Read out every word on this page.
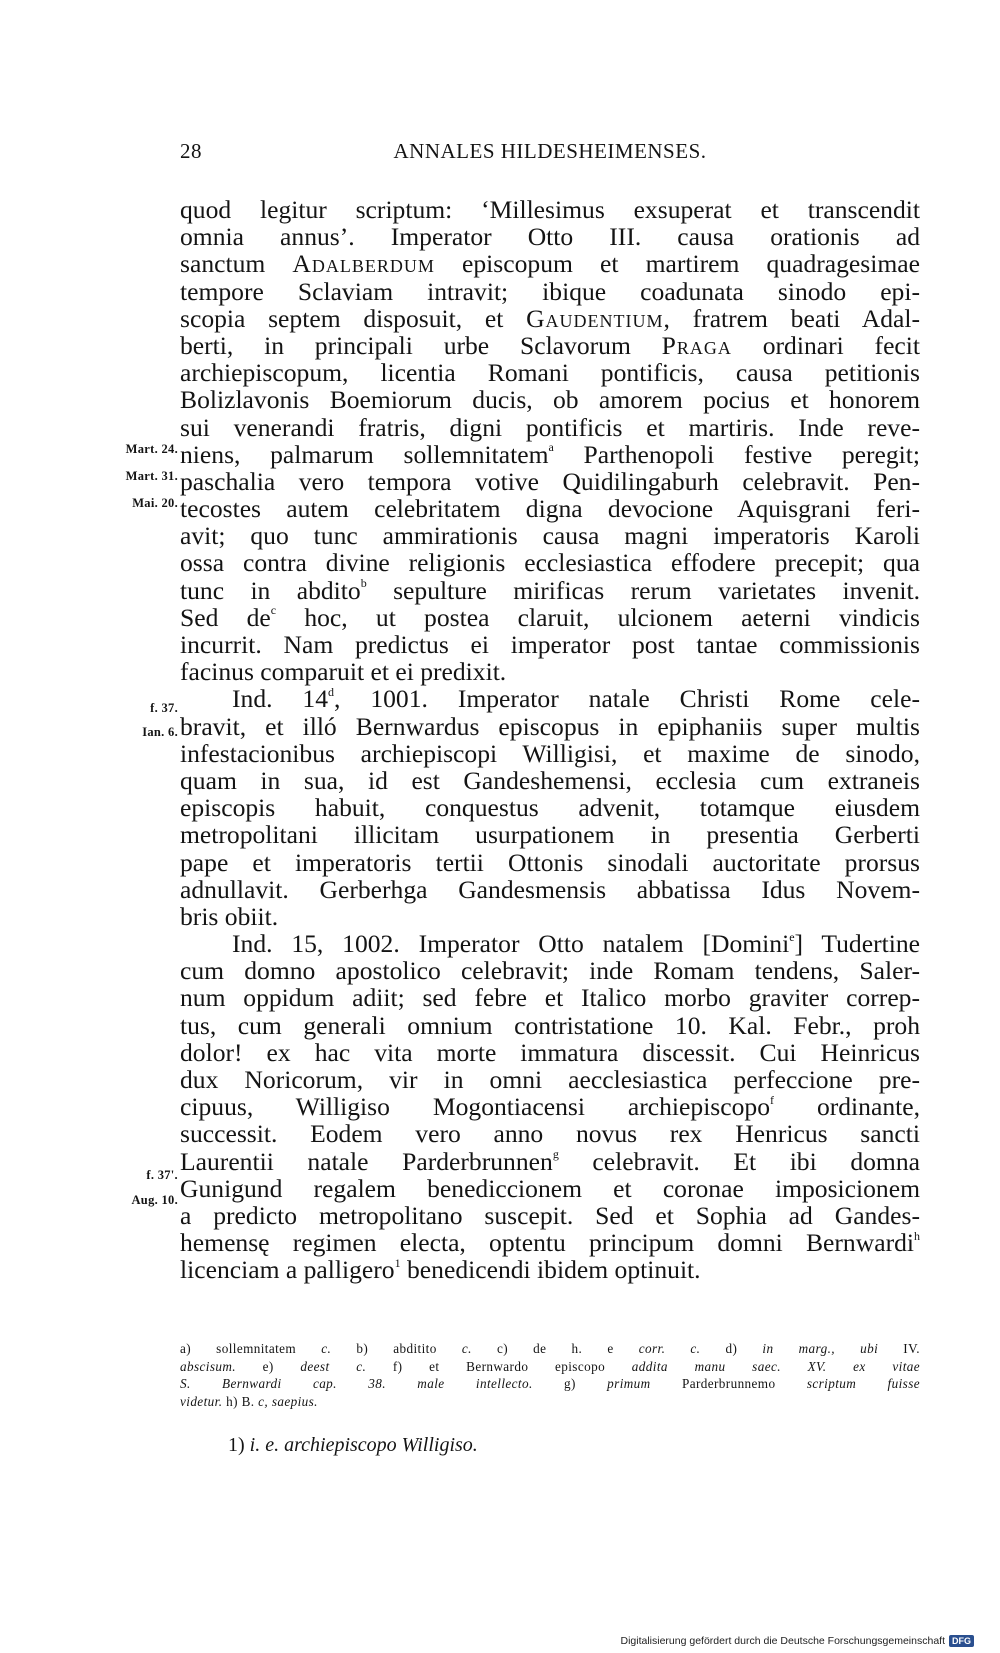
28	ANNALES HILDESHEIMENSES.
Mart. 24.
Mart. 31.
Mai. 20.
f. 37.
Ian. 6.
f. 37'.
Aug. 10.
quod legitur scriptum: ‘Millesimus exsuperat et transcendit
omnia annus’. Imperator Otto III. causa orationis ad
sanctum Adalberdum episcopum et martirem quadragesimae
tempore Sclaviam intravit; ibique coadunata sinodo epi-
scopia septem disposuit, et Gaudentium, fratrem beati Adal-
berti, in principali urbe Sclavorum Praga ordinari fecit
archiepiscopum, licentia Romani pontificis, causa petitionis
Bolizlavonis Boemiorum ducis, ob amorem pocius et honorem
sui venerandi fratris, digni pontificis et martiris. Inde reve-
niens, palmarum sollemnitatem$^a$ Parthenopoli festive peregit;
paschalia vero tempora votive Quidilingaburh celebravit. Pen-
tecostes autem celebritatem digna devocione Aquisgrani feri-
avit; quo tunc ammirationis causa magni imperatoris Karoli
ossa contra divine religionis ecclesiastica effodere precepit; qua
tunc in abdito$^b$ sepulture mirificas rerum varietates invenit.
Sed $de^c$ hoc, ut postea claruit, ulcionem aeterni vindicis
incurrit. Nam predictus ei imperator post tantae commissionis
facinus comparuit et ei predixit.
Ind. 14$^d$, 1001. Imperator natale Christi Rome cele-
bravit, et illó Bernwardus episcopus in epiphaniis super multis
infestacionibus archiepiscopi Willigisi, et maxime de sinodo,
quam in sua, id est Gandeshemensi, ecclesia cum extraneis
episcopis habuit, conquestus advenit, totamque eiusdem
metropolitani illicitam usurpationem in presentia Gerberti
pape et imperatoris tertii Ottonis sinodali auctoritate prorsus
adnullavit. Gerberhga Gandesmensis abbatissa Idus Novem-
bris obiit.
Ind. 15, 1002. Imperator Otto natalem [Domini$^e$] Tudertine
cum domno apostolico celebravit; inde Romam tendens, Saler-
num oppidum adiit; sed febre et Italico morbo graviter correp-
tus, cum generali omnium contristatione 10. Kal. Febr., proh
dolor! ex hac vita morte immatura discessit. Cui Heinricus
dux Noricorum, vir in omni aecclesiastica perfeccione pre-
cipuus, Willigiso Mogontiacensi archiepiscopo$^f$ ordinante,
successit. Eodem vero anno novus rex Henricus sancti
Laurentii natale Parderbrunnen$^g$ celebravit. Et ibi domna
Gunigund regalem benediccionem et coronae imposicionem
a predicto metropolitano suscepit. Sed et Sophia ad Gandes-
hemensę regimen electa, optentu principum domni Bernwardi$^h$
licenciam a palligero$^1$ benedicendi ibidem optinuit.
a) sollemnitatem c. b) abditito c. c) de h. e corr. c. d) in marg., ubi IV.
abscisum. e) deest c. f) et Bernwardo episcopo addita manu saec. XV. ex vitae
S. Bernwardi cap. 38. male intellecto. g) primum Parderbrunnemo scriptum fuisse
videtur. h) B. c, saepius.
1) i. e. archiepiscopo Willigiso.
Digitalisierung gefördert durch die Deutsche Forschungsgemeinschaft DFG
